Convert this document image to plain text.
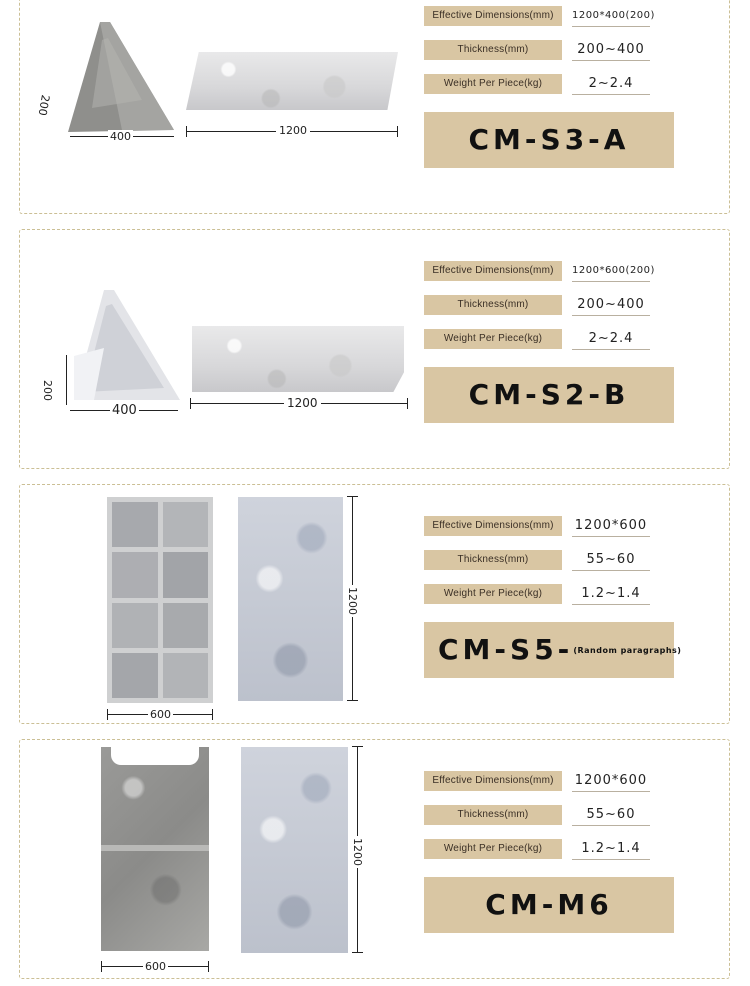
200
400	1200
Effective Dimensions(mm)	1200*400(200)
Thickness(mm)	200~400
Weight Per Piece(kg)	2~2.4
CM-S3-A
200
400	1200
Effective Dimensions(mm)	1200*600(200)
Thickness(mm)	200~400
Weight Per Piece(kg)	2~2.4
CM-S2-B
600
1200
Effective Dimensions(mm)	1200*600
Thickness(mm)	55~60
Weight Per Piece(kg)	1.2~1.4
CM-S5-(Random paragraphs)
600
1200
Effective Dimensions(mm)	1200*600
Thickness(mm)	55~60
Weight Per Piece(kg)	1.2~1.4
CM-M6
